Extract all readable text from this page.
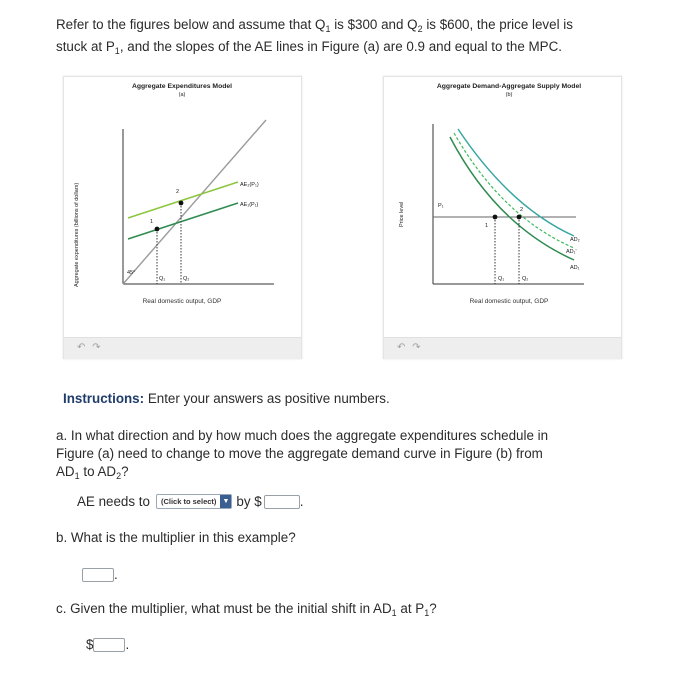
Refer to the figures below and assume that $Q_1$ is $300 and $Q_2$ is $600, the price level is stuck at $P_1$, and the slopes of the AE lines in Figure (a) are 0.9 and equal to the MPC.
Aggregate Expenditures Model
(a)
Aggregate expenditures (billions of dollars)	1
2
AE₂(P₁)
AE₁(P₁)
45°
Q₁	Q₂
Real domestic output, GDP
↶ ↷
Aggregate Demand-Aggregate Supply Model
(b)
Price level	1
2
P₁
AD₂
AD₁'
AD₁
Q₁	Q₂
Real domestic output, GDP
↶ ↷
Instructions: Enter your answers as positive numbers.
a. In what direction and by how much does the aggregate expenditures schedule in Figure (a) need to change to move the aggregate demand curve in Figure (b) from $AD_1$ to $AD_2$?
AE needs to	(Click to select) ▼ by $	.
b. What is the multiplier in this example?
.
c. Given the multiplier, what must be the initial shift in $AD_1$ at $P_1$?
$ .
